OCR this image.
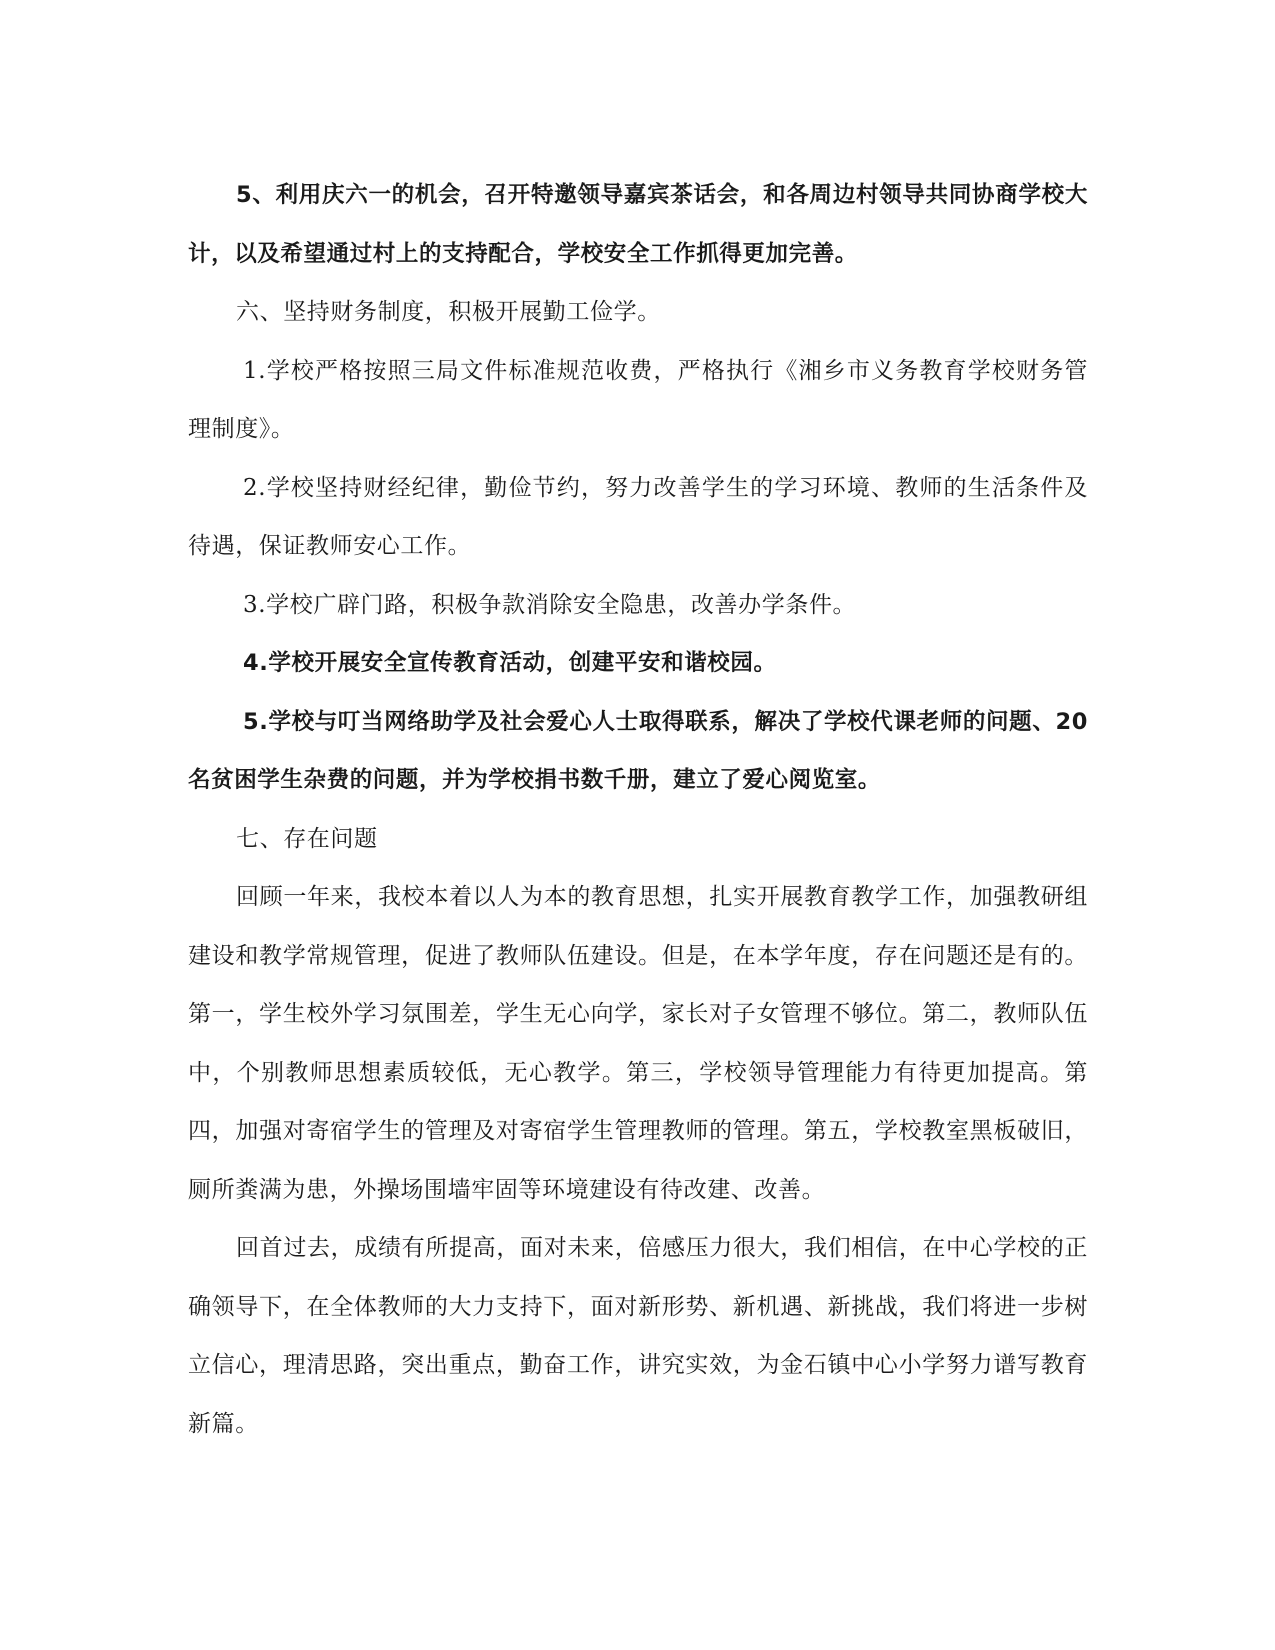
5、利用庆六一的机会，召开特邀领导嘉宾茶话会，和各周边村领导共同协商学校大计，以及希望通过村上的支持配合，学校安全工作抓得更加完善。

六、坚持财务制度，积极开展勤工俭学。

1.学校严格按照三局文件标准规范收费，严格执行《湘乡市义务教育学校财务管理制度》。

2.学校坚持财经纪律，勤俭节约，努力改善学生的学习环境、教师的生活条件及待遇，保证教师安心工作。

3.学校广辟门路，积极争款消除安全隐患，改善办学条件。

4.学校开展安全宣传教育活动，创建平安和谐校园。

5.学校与叮当网络助学及社会爱心人士取得联系，解决了学校代课老师的问题、20名贫困学生杂费的问题，并为学校捐书数千册，建立了爱心阅览室。

七、存在问题

回顾一年来，我校本着以人为本的教育思想，扎实开展教育教学工作，加强教研组建设和教学常规管理，促进了教师队伍建设。但是，在本学年度，存在问题还是有的。第一，学生校外学习氛围差，学生无心向学，家长对子女管理不够位。第二，教师队伍中，个别教师思想素质较低，无心教学。第三，学校领导管理能力有待更加提高。第四，加强对寄宿学生的管理及对寄宿学生管理教师的管理。第五，学校教室黑板破旧，厕所粪满为患，外操场围墙牢固等环境建设有待改建、改善。

回首过去，成绩有所提高，面对未来，倍感压力很大，我们相信，在中心学校的正确领导下，在全体教师的大力支持下，面对新形势、新机遇、新挑战，我们将进一步树立信心，理清思路，突出重点，勤奋工作，讲究实效，为金石镇中心小学努力谱写教育新篇。
